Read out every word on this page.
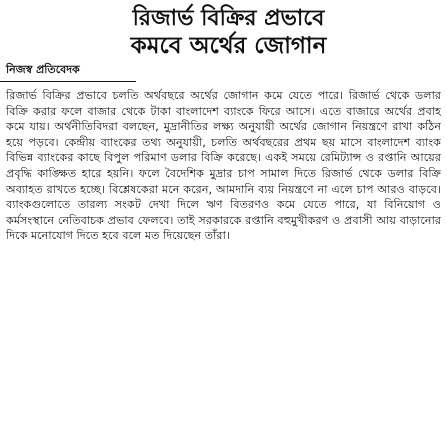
রিজার্ভ বিক্রির প্রভাবে
কমবে অর্থের জোগান
নিজস্ব প্রতিবেদক

রিজার্ভ বিক্রির প্রভাবে চলতি অর্থবছরে অর্থের জোগান কমে যেতে পারে। রিজার্ভ থেকে ডলার বিক্রি করার ফলে বাজার থেকে টাকা বাংলাদেশ ব্যাংকে ফিরে আসে। এতে বাজারে অর্থের প্রবাহ কমে যায়। অর্থনীতিবিদরা বলছেন, মুদ্রানীতির লক্ষ্য অনুযায়ী অর্থের জোগান নিয়ন্ত্রণে রাখা কঠিন হয়ে পড়বে। কেন্দ্রীয় ব্যাংকের তথ্য অনুযায়ী, চলতি অর্থবছরের প্রথম ছয় মাসে বাংলাদেশ ব্যাংক বিভিন্ন ব্যাংকের কাছে বিপুল পরিমাণ ডলার বিক্রি করেছে। একই সময়ে রেমিট্যান্স ও রপ্তানি আয়ের প্রবৃদ্ধি কাঙ্ক্ষিত হারে হয়নি। ফলে বৈদেশিক মুদ্রার চাপ সামাল দিতে রিজার্ভ থেকে ডলার বিক্রি অব্যাহত রাখতে হচ্ছে। বিশ্লেষকেরা মনে করেন, আমদানি ব্যয় নিয়ন্ত্রণে না এলে চাপ আরও বাড়বে। ব্যাংকগুলোতে তারল্য সংকট দেখা দিলে ঋণ বিতরণও কমে যেতে পারে, যা বিনিয়োগ ও কর্মসংস্থানে নেতিবাচক প্রভাব ফেলবে। তাই সরকারকে রপ্তানি বহুমুখীকরণ ও প্রবাসী আয় বাড়ানোর দিকে মনোযোগ দিতে হবে বলে মত দিয়েছেন তাঁরা।
